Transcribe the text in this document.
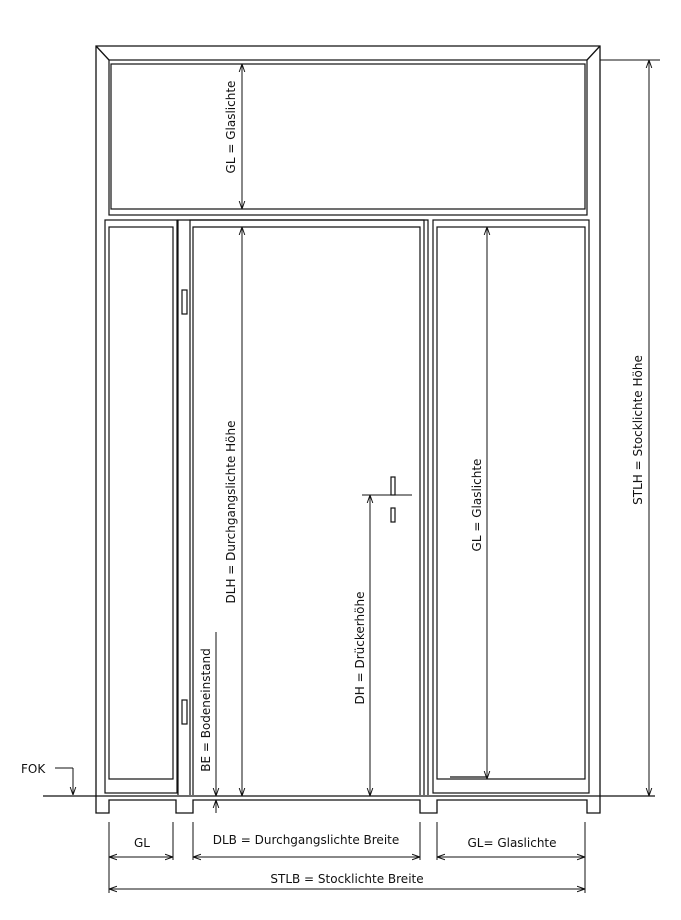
GL = Glaslichte
DLH = Durchgangslichte Höhe	GL = Glaslichte
STLH = Stocklichte Höhe
DH = Drückerhöhe
BE = Bodeneinstand
FOK
GL	DLB = Durchgangslichte Breite	GL= Glaslichte
STLB = Stocklichte Breite
